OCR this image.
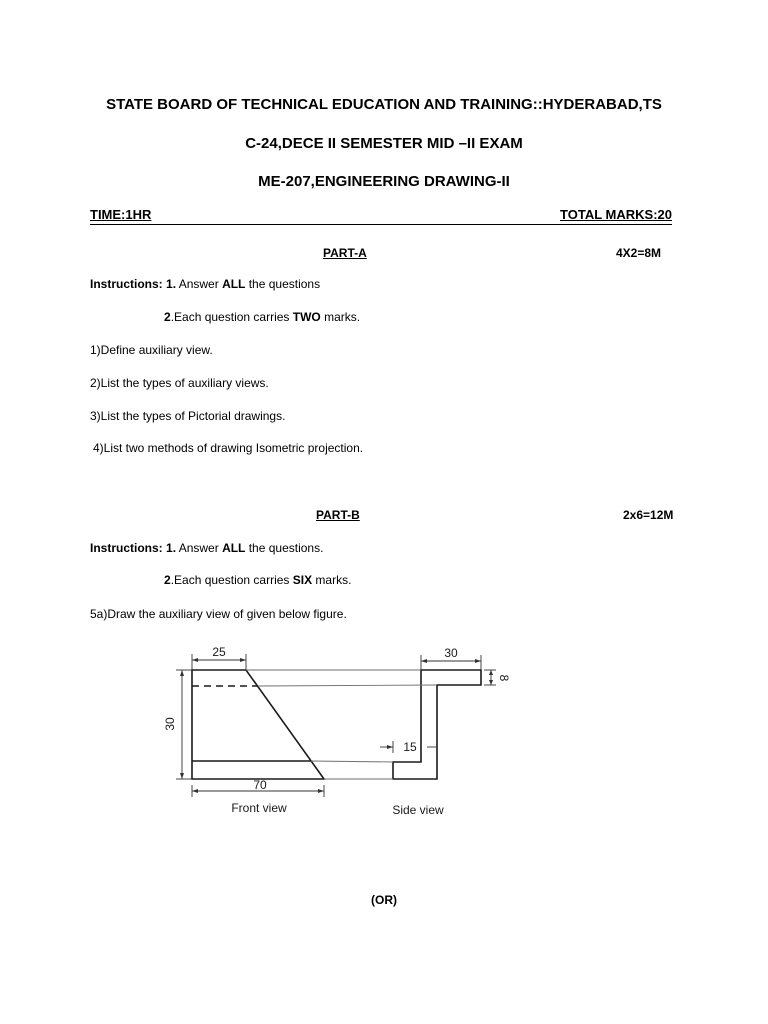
STATE BOARD OF TECHNICAL EDUCATION AND TRAINING::HYDERABAD,TS
C-24,DECE II SEMESTER MID –II EXAM
ME-207,ENGINEERING DRAWING-II
TIME:1HR	TOTAL MARKS:20
PART-A	4X2=8M
Instructions: 1. Answer ALL the questions
2.Each question carries TWO marks.
1)Define auxiliary view.
2)List the types of auxiliary views.
3)List the types of Pictorial drawings.
4)List two methods of drawing Isometric projection.
PART-B	2x6=12M
Instructions: 1. Answer ALL the questions.
2.Each question carries SIX marks.
5a)Draw the auxiliary view of given below figure.
25	30
8
30
15
70
Front view	Side view
(OR)
